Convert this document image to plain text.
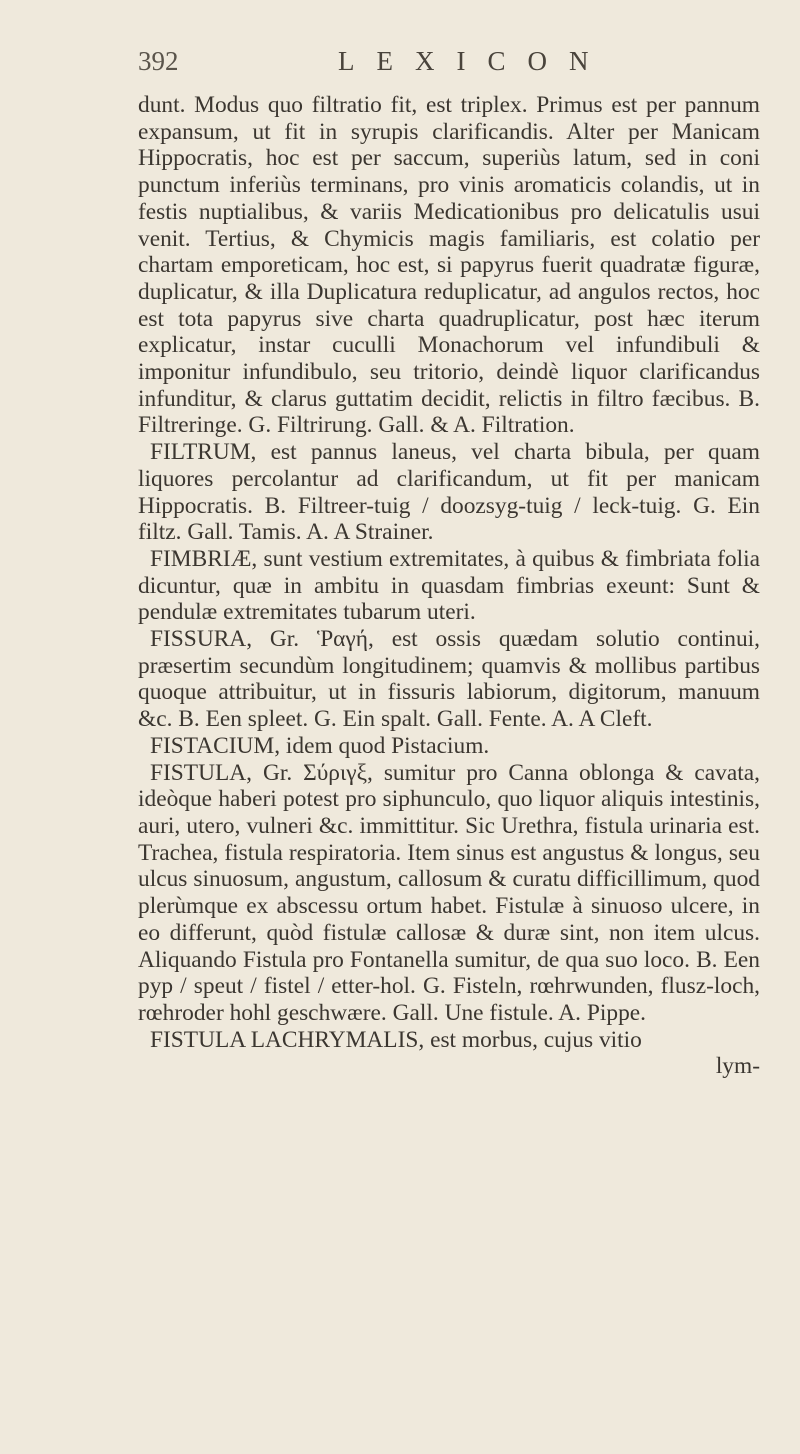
392	LEXICON

dunt. Modus quo filtratio fit, est triplex. Primus est per pannum expansum, ut fit in syrupis clarificandis. Alter per Manicam Hippocratis, hoc est per saccum, superiùs latum, sed in coni punctum inferiùs terminans, pro vinis aromaticis colandis, ut in festis nuptialibus, & variis Medicationibus pro delicatulis usui venit. Tertius, & Chymicis magis familiaris, est colatio per chartam emporeticam, hoc est, si papyrus fuerit quadratæ figuræ, duplicatur, & illa Duplicatura reduplicatur, ad angulos rectos, hoc est tota papyrus sive charta quadruplicatur, post hæc iterum explicatur, instar cuculli Monachorum vel infundibuli & imponitur infundibulo, seu tritorio, deindè liquor clarificandus infunditur, & clarus guttatim decidit, relictis in filtro fæcibus. B. Filtreringe. G. Filtrirung. Gall. & A. Filtration.

FILTRUM, est pannus laneus, vel charta bibula, per quam liquores percolantur ad clarificandum, ut fit per manicam Hippocratis. B. Filtreer-tuig / doozsyg-tuig / leck-tuig. G. Ein filtz. Gall. Tamis. A. A Strainer.

FIMBRIÆ, sunt vestium extremitates, à quibus & fimbriata folia dicuntur, quæ in ambitu in quasdam fimbrias exeunt: Sunt & pendulæ extremitates tubarum uteri.

FISSURA, Gr. Ῥαγή, est ossis quædam solutio continui, præsertim secundùm longitudinem; quamvis & mollibus partibus quoque attribuitur, ut in fissuris labiorum, digitorum, manuum &c. B. Een spleet. G. Ein spalt. Gall. Fente. A. A Cleft.

FISTACIUM, idem quod Pistacium.

FISTULA, Gr. Σύριγξ, sumitur pro Canna oblonga & cavata, ideòque haberi potest pro siphunculo, quo liquor aliquis intestinis, auri, utero, vulneri &c. immittitur. Sic Urethra, fistula urinaria est. Trachea, fistula respiratoria. Item sinus est angustus & longus, seu ulcus sinuosum, angustum, callosum & curatu difficillimum, quod plerùmque ex abscessu ortum habet. Fistulæ à sinuoso ulcere, in eo differunt, quòd fistulæ callosæ & duræ sint, non item ulcus. Aliquando Fistula pro Fontanella sumitur, de qua suo loco. B. Een pyp / speut / fistel / etter-hol. G. Fisteln, rœhrwunden, flusz-loch, rœhroder hohl geschwære. Gall. Une fistule. A. Pippe.

FISTULA LACHRYMALIS, est morbus, cujus vitio

lym-
